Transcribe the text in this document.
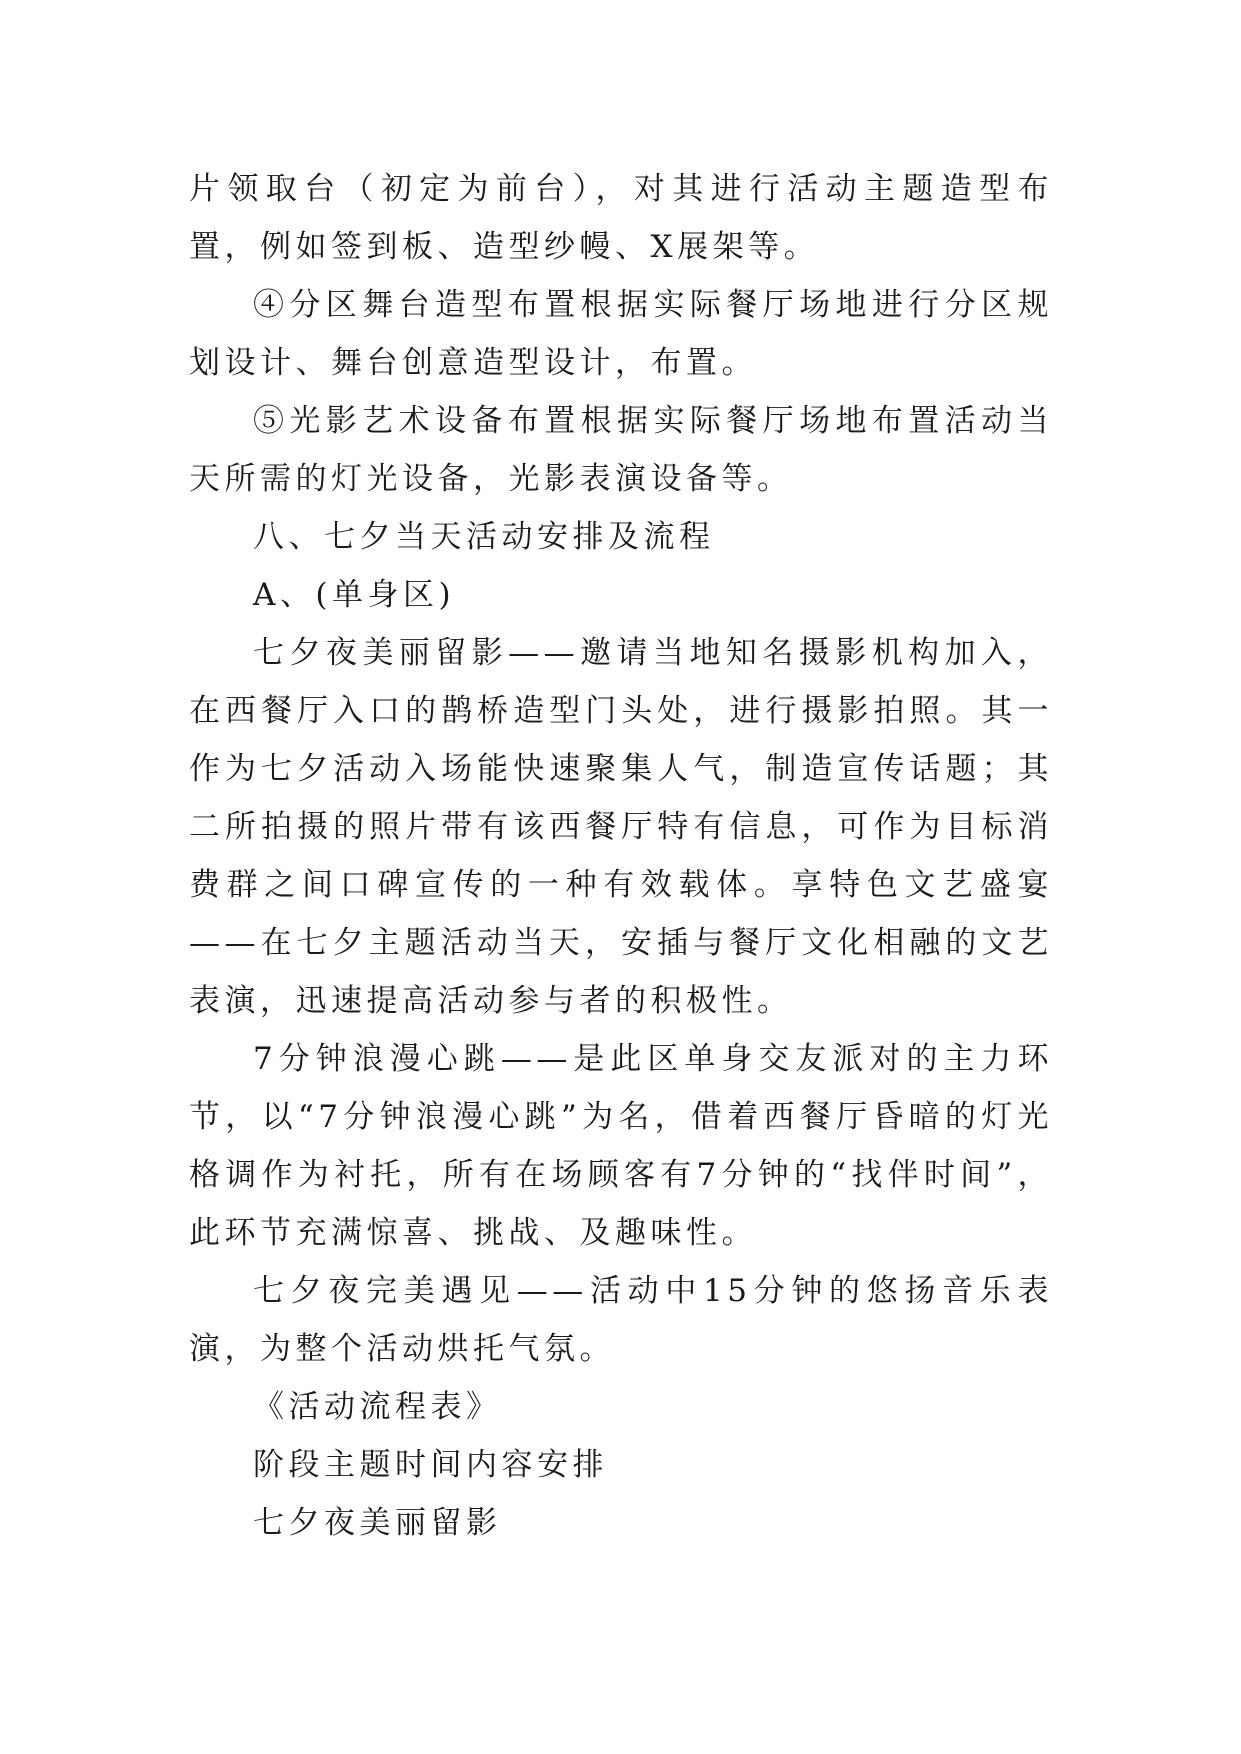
片领取台（初定为前台），对其进行活动主题造型布置，例如签到板、造型纱幔、X展架等。

④分区舞台造型布置根据实际餐厅场地进行分区规划设计、舞台创意造型设计，布置。

⑤光影艺术设备布置根据实际餐厅场地布置活动当天所需的灯光设备，光影表演设备等。

八、七夕当天活动安排及流程

A、(单身区)

七夕夜美丽留影——邀请当地知名摄影机构加入，在西餐厅入口的鹊桥造型门头处，进行摄影拍照。其一作为七夕活动入场能快速聚集人气，制造宣传话题；其二所拍摄的照片带有该西餐厅特有信息，可作为目标消费群之间口碑宣传的一种有效载体。享特色文艺盛宴——在七夕主题活动当天，安插与餐厅文化相融的文艺表演，迅速提高活动参与者的积极性。

7分钟浪漫心跳——是此区单身交友派对的主力环节，以“7分钟浪漫心跳”为名，借着西餐厅昏暗的灯光格调作为衬托，所有在场顾客有7分钟的“找伴时间”，此环节充满惊喜、挑战、及趣味性。

七夕夜完美遇见——活动中15分钟的悠扬音乐表演，为整个活动烘托气氛。

《活动流程表》

阶段主题时间内容安排

七夕夜美丽留影
